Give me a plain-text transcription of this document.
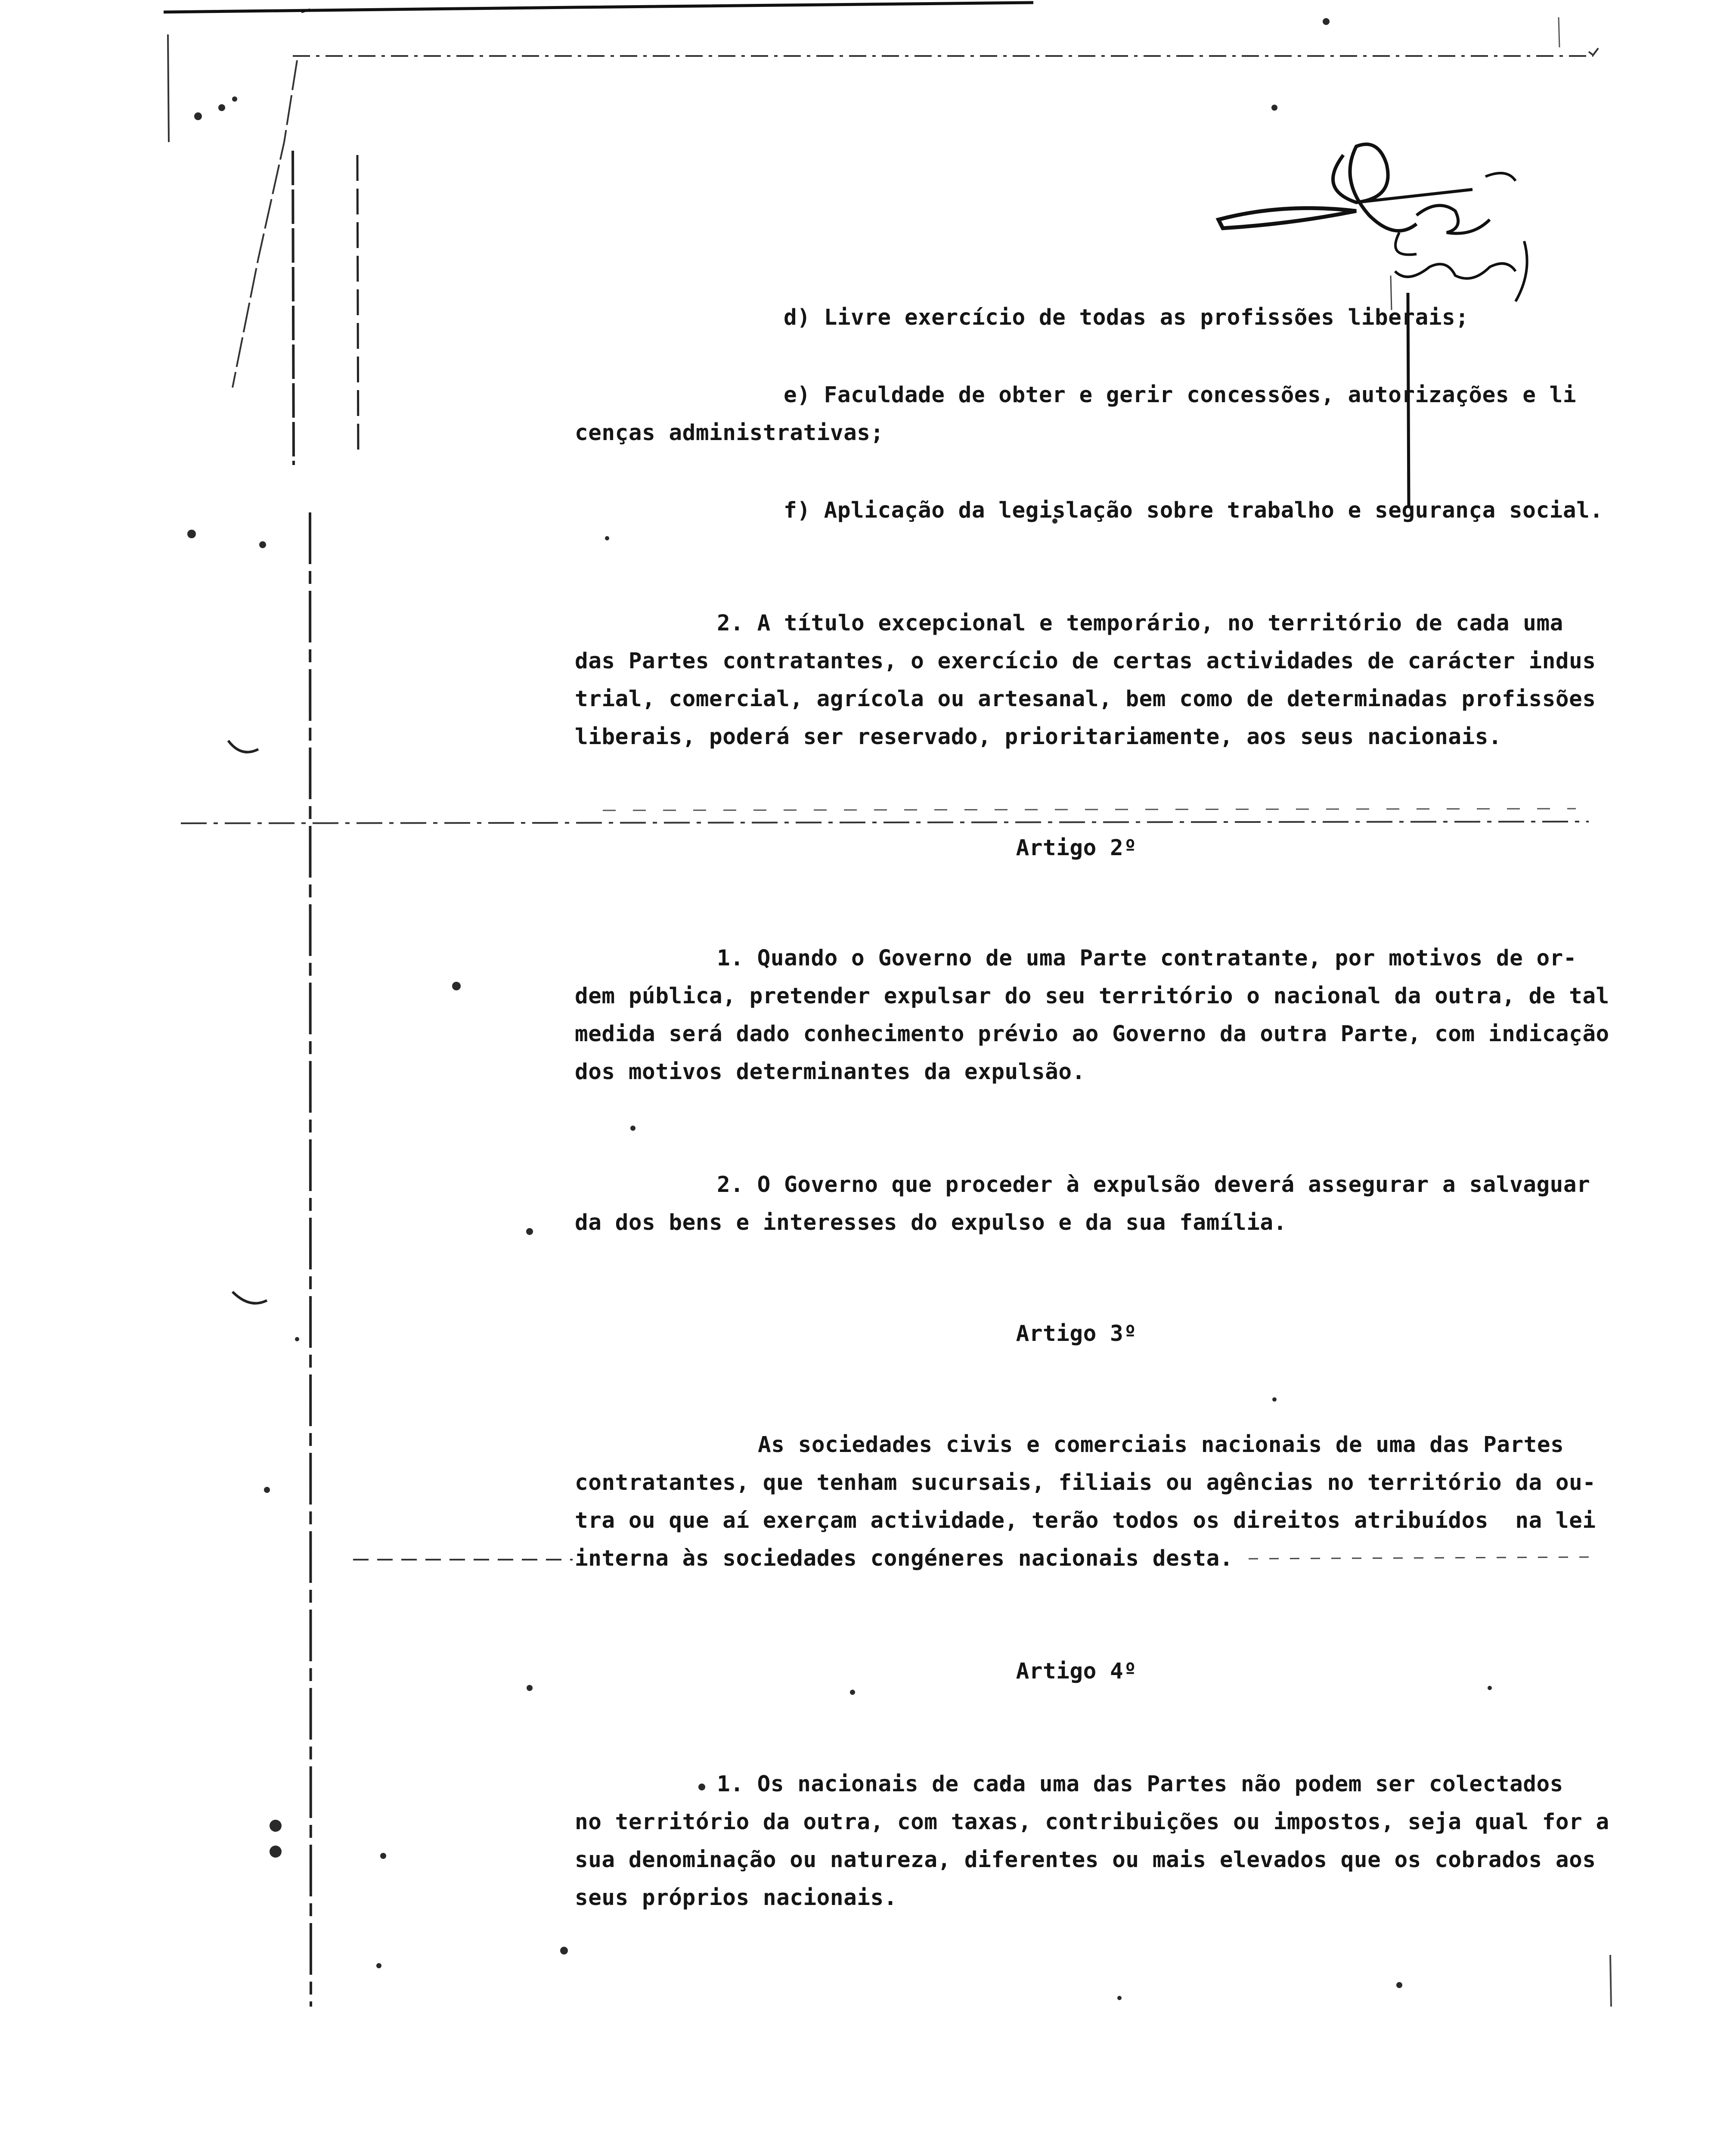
d) Livre exercício de todas as profissões liberais;
e) Faculdade de obter e gerir concessões, autorizações e li
cenças administrativas;
f) Aplicação da legislação sobre trabalho e segurança social.
2. A título excepcional e temporário, no território de cada uma
das Partes contratantes, o exercício de certas actividades de carácter indus
trial, comercial, agrícola ou artesanal, bem como de determinadas profissões
liberais, poderá ser reservado, prioritariamente, aos seus nacionais.
Artigo 2º
1. Quando o Governo de uma Parte contratante, por motivos de or-
dem pública, pretender expulsar do seu território o nacional da outra, de tal
medida será dado conhecimento prévio ao Governo da outra Parte, com indicação
dos motivos determinantes da expulsão.
2. O Governo que proceder à expulsão deverá assegurar a salvaguar
da dos bens e interesses do expulso e da sua família.
Artigo 3º
As sociedades civis e comerciais nacionais de uma das Partes
contratantes, que tenham sucursais, filiais ou agências no território da ou-
tra ou que aí exerçam actividade, terão todos os direitos atribuídos  na lei
interna às sociedades congéneres nacionais desta.
Artigo 4º
1. Os nacionais de cada uma das Partes não podem ser colectados
no território da outra, com taxas, contribuições ou impostos, seja qual for a
sua denominação ou natureza, diferentes ou mais elevados que os cobrados aos
seus próprios nacionais.
